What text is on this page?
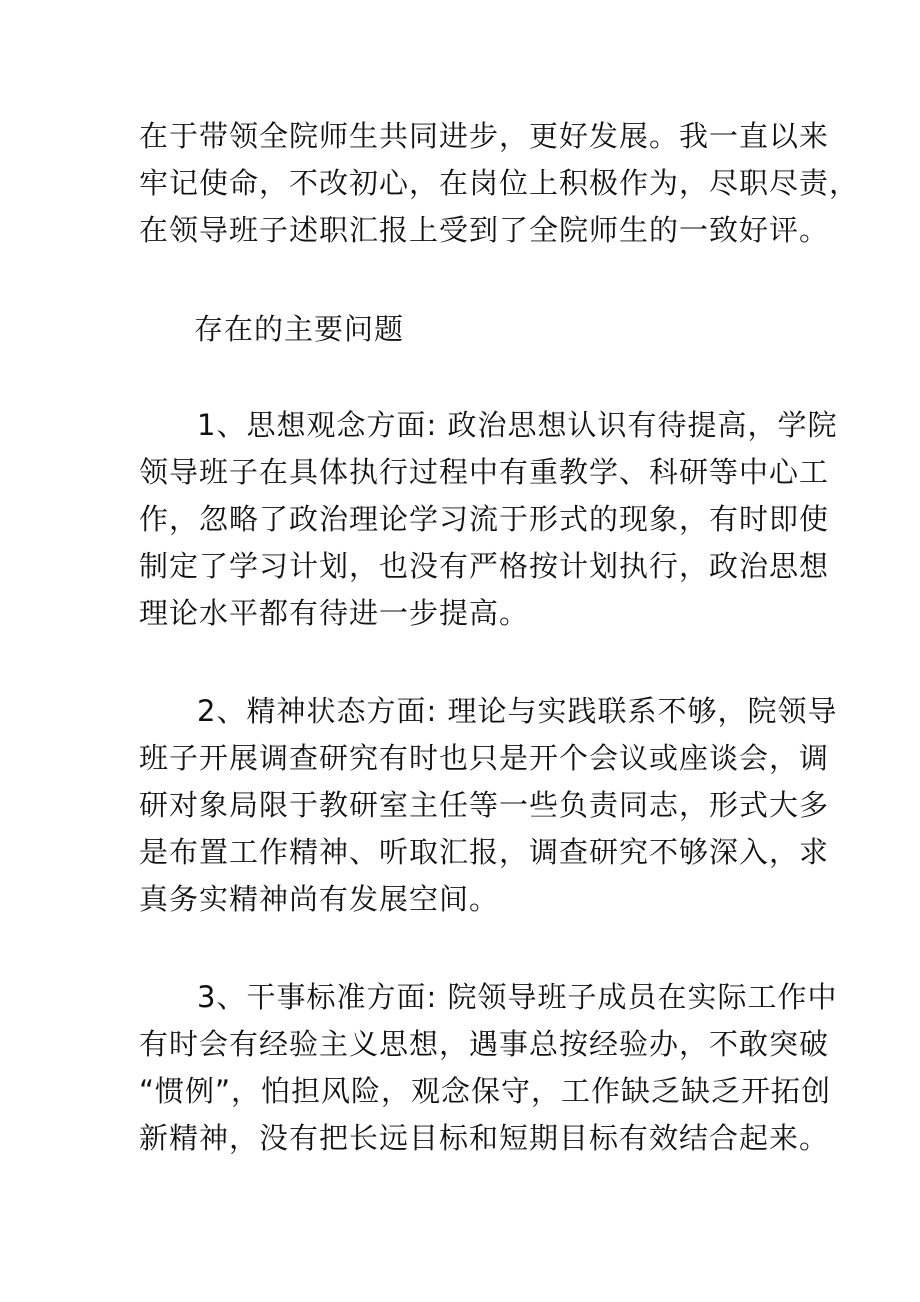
在于带领全院师生共同进步，更好发展。我一直以来
牢记使命，不改初心，在岗位上积极作为，尽职尽责，
在领导班子述职汇报上受到了全院师生的一致好评。
存在的主要问题
1、思想观念方面: 政治思想认识有待提高，学院
领导班子在具体执行过程中有重教学、科研等中心工
作，忽略了政治理论学习流于形式的现象，有时即使
制定了学习计划，也没有严格按计划执行，政治思想
理论水平都有待进一步提高。
2、精神状态方面: 理论与实践联系不够，院领导
班子开展调查研究有时也只是开个会议或座谈会，调
研对象局限于教研室主任等一些负责同志，形式大多
是布置工作精神、听取汇报，调查研究不够深入，求
真务实精神尚有发展空间。
3、干事标准方面: 院领导班子成员在实际工作中
有时会有经验主义思想，遇事总按经验办，不敢突破
“惯例”，怕担风险，观念保守，工作缺乏缺乏开拓创
新精神，没有把长远目标和短期目标有效结合起来。
